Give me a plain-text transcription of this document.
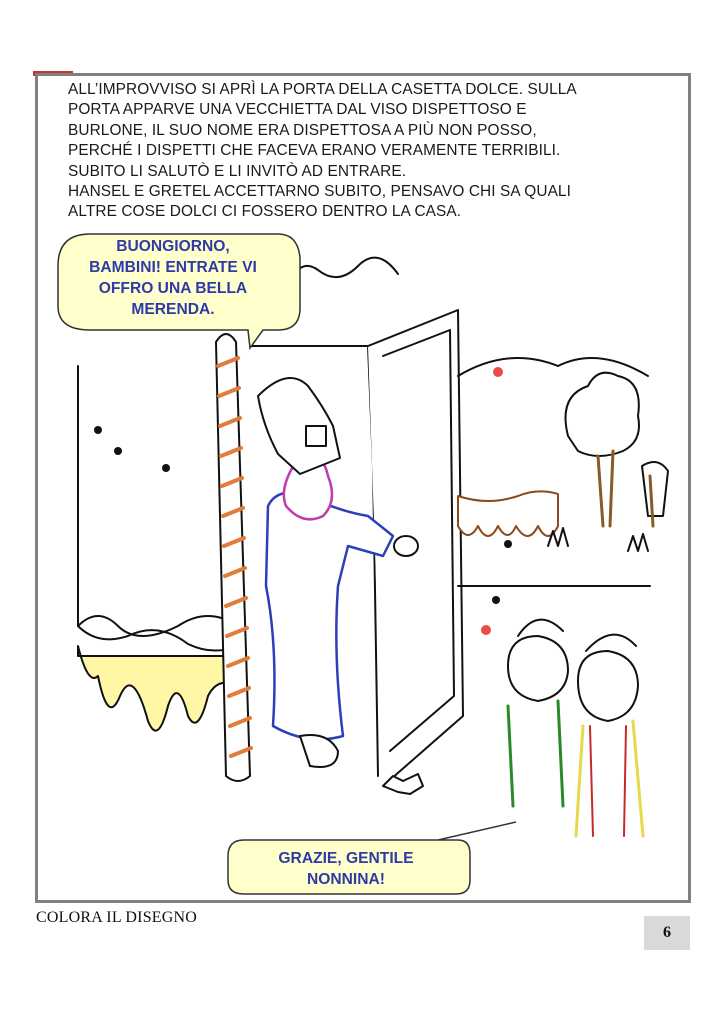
ALL’IMPROVVISO SI APRÌ LA PORTA DELLA CASETTA DOLCE. SULLA
PORTA APPARVE UNA VECCHIETTA DAL VISO DISPETTOSO E
BURLONE, IL SUO NOME ERA DISPETTOSA A PIÙ NON POSSO,
PERCHÉ I DISPETTI CHE FACEVA ERANO VERAMENTE TERRIBILI.
SUBITO LI SALUTÒ E LI INVITÒ AD ENTRARE.
HANSEL E GRETEL ACCETTARNO SUBITO, PENSAVO CHI SA QUALI
ALTRE COSE DOLCI CI FOSSERO DENTRO LA CASA.
BUONGIORNO,
BAMBINI! ENTRATE VI
OFFRO UNA BELLA
MERENDA.
GRAZIE, GENTILE
NONNINA!
COLORA IL DISEGNO
6
